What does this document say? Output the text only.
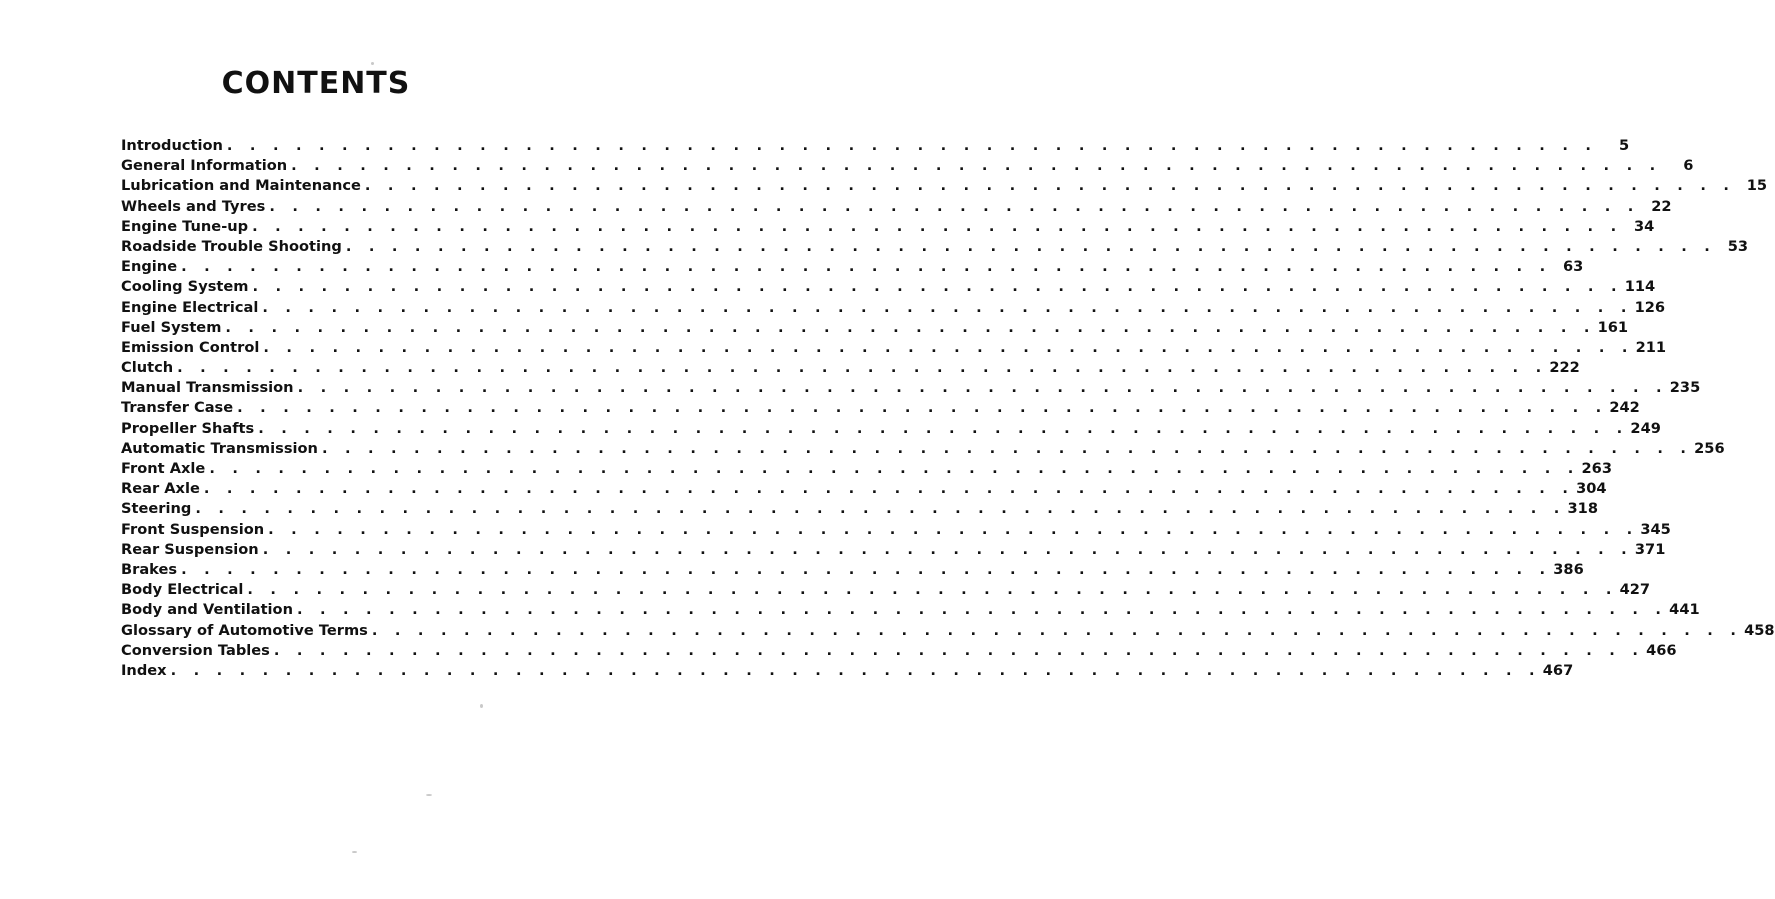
CONTENTS
Introduction . . . . . . . . . . . . . . . . . . . . . . . . . . . . . . . . . . . . . . . . . . . . . . . . . . . . . . . . . . . .	5
General Information . . . . . . . . . . . . . . . . . . . . . . . . . . . . . . . . . . . . . . . . . . . . . . . . . . . . . . . . . . . .	6
Lubrication and Maintenance . . . . . . . . . . . . . . . . . . . . . . . . . . . . . . . . . . . . . . . . . . . . . . . . . . . . . . . . . . . . 15
Wheels and Tyres . . . . . . . . . . . . . . . . . . . . . . . . . . . . . . . . . . . . . . . . . . . . . . . . . . . . . . . . . . . . 22
Engine Tune-up . . . . . . . . . . . . . . . . . . . . . . . . . . . . . . . . . . . . . . . . . . . . . . . . . . . . . . . . . . . . 34
Roadside Trouble Shooting . . . . . . . . . . . . . . . . . . . . . . . . . . . . . . . . . . . . . . . . . . . . . . . . . . . . . . . . . . . . 53
Engine . . . . . . . . . . . . . . . . . . . . . . . . . . . . . . . . . . . . . . . . . . . . . . . . . . . . . . . . . . . . 63
Cooling System . . . . . . . . . . . . . . . . . . . . . . . . . . . . . . . . . . . . . . . . . . . . . . . . . . . . . . . . . . . . 114
Engine Electrical . . . . . . . . . . . . . . . . . . . . . . . . . . . . . . . . . . . . . . . . . . . . . . . . . . . . . . . . . . . . 126
Fuel System . . . . . . . . . . . . . . . . . . . . . . . . . . . . . . . . . . . . . . . . . . . . . . . . . . . . . . . . . . . . 161
Emission Control . . . . . . . . . . . . . . . . . . . . . . . . . . . . . . . . . . . . . . . . . . . . . . . . . . . . . . . . . . . . 211
Clutch . . . . . . . . . . . . . . . . . . . . . . . . . . . . . . . . . . . . . . . . . . . . . . . . . . . . . . . . . . . . 222
Manual Transmission . . . . . . . . . . . . . . . . . . . . . . . . . . . . . . . . . . . . . . . . . . . . . . . . . . . . . . . . . . . . 235
Transfer Case . . . . . . . . . . . . . . . . . . . . . . . . . . . . . . . . . . . . . . . . . . . . . . . . . . . . . . . . . . . . 242
Propeller Shafts . . . . . . . . . . . . . . . . . . . . . . . . . . . . . . . . . . . . . . . . . . . . . . . . . . . . . . . . . . . . 249
Automatic Transmission . . . . . . . . . . . . . . . . . . . . . . . . . . . . . . . . . . . . . . . . . . . . . . . . . . . . . . . . . . . . 256
Front Axle . . . . . . . . . . . . . . . . . . . . . . . . . . . . . . . . . . . . . . . . . . . . . . . . . . . . . . . . . . . . 263
Rear Axle . . . . . . . . . . . . . . . . . . . . . . . . . . . . . . . . . . . . . . . . . . . . . . . . . . . . . . . . . . . . 304
Steering . . . . . . . . . . . . . . . . . . . . . . . . . . . . . . . . . . . . . . . . . . . . . . . . . . . . . . . . . . . . 318
Front Suspension . . . . . . . . . . . . . . . . . . . . . . . . . . . . . . . . . . . . . . . . . . . . . . . . . . . . . . . . . . . . 345
Rear Suspension . . . . . . . . . . . . . . . . . . . . . . . . . . . . . . . . . . . . . . . . . . . . . . . . . . . . . . . . . . . . 371
Brakes . . . . . . . . . . . . . . . . . . . . . . . . . . . . . . . . . . . . . . . . . . . . . . . . . . . . . . . . . . . . 386
Body Electrical . . . . . . . . . . . . . . . . . . . . . . . . . . . . . . . . . . . . . . . . . . . . . . . . . . . . . . . . . . . . 427
Body and Ventilation . . . . . . . . . . . . . . . . . . . . . . . . . . . . . . . . . . . . . . . . . . . . . . . . . . . . . . . . . . . . 441
Glossary of Automotive Terms . . . . . . . . . . . . . . . . . . . . . . . . . . . . . . . . . . . . . . . . . . . . . . . . . . . . . . . . . . . . 458
Conversion Tables . . . . . . . . . . . . . . . . . . . . . . . . . . . . . . . . . . . . . . . . . . . . . . . . . . . . . . . . . . . . 466
Index . . . . . . . . . . . . . . . . . . . . . . . . . . . . . . . . . . . . . . . . . . . . . . . . . . . . . . . . . . . . 467
